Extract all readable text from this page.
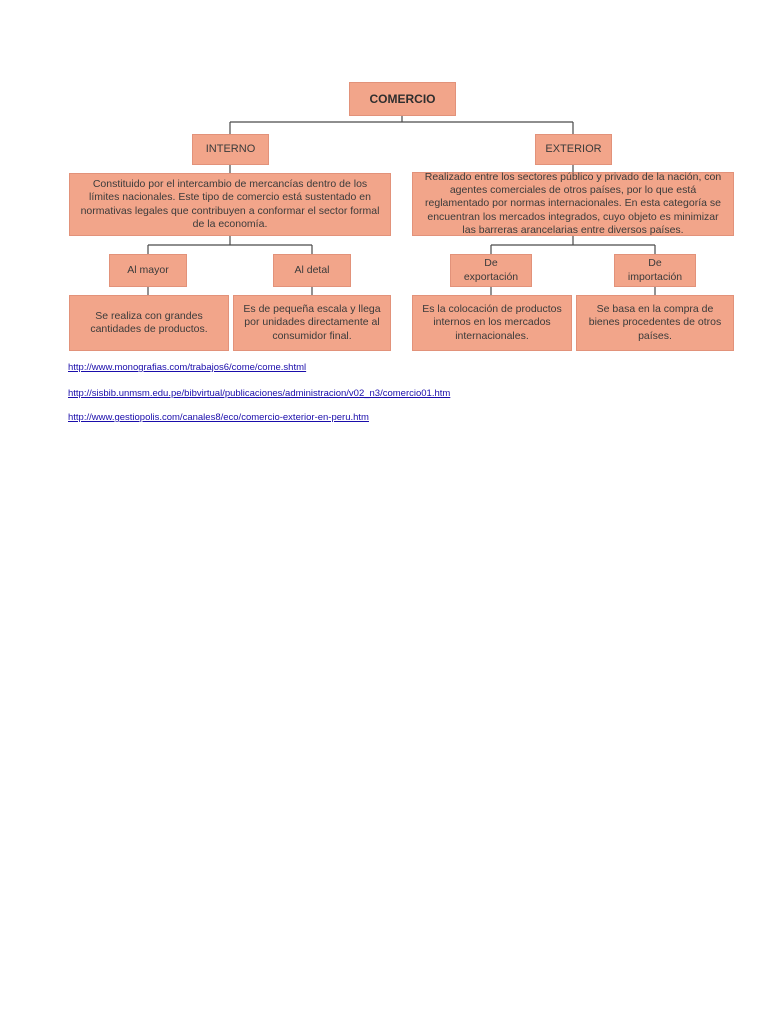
COMERCIO
INTERNO	EXTERIOR
Constituido por el intercambio de mercancías dentro de los límites nacionales. Este tipo de comercio está sustentado en normativas legales que contribuyen a conformar el sector formal de la economía.
Realizado entre los sectores público y privado de la nación, con agentes comerciales de otros países, por lo que está reglamentado por normas internacionales. En esta categoría se encuentran los mercados integrados, cuyo objeto es minimizar las barreras arancelarias entre diversos países.
Al mayor	Al detal
De exportación
De importación
Se realiza con grandes cantidades de productos.
Es de pequeña escala y llega por unidades directamente al consumidor final.
Es la colocación de productos internos en los mercados internacionales.
Se basa en la compra de bienes procedentes de otros países.
http://www.monografias.com/trabajos6/come/come.shtml
http://sisbib.unmsm.edu.pe/bibvirtual/publicaciones/administracion/v02_n3/comercio01.htm
http://www.gestiopolis.com/canales8/eco/comercio-exterior-en-peru.htm
